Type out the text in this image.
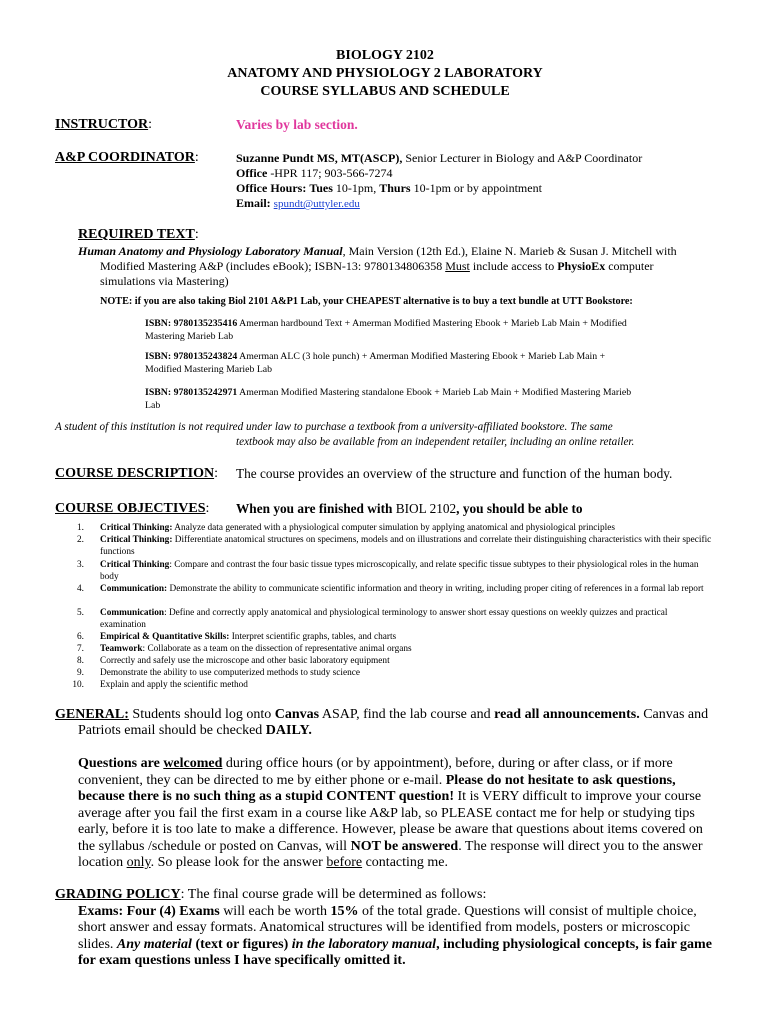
BIOLOGY 2102
ANATOMY AND PHYSIOLOGY 2 LABORATORY
COURSE SYLLABUS AND SCHEDULE
INSTRUCTOR:	Varies by lab section.
A&P COORDINATOR:	Suzanne Pundt MS, MT(ASCP), Senior Lecturer in Biology and A&P Coordinator
Office -HPR 117; 903-566-7274
Office Hours: Tues 10-1pm, Thurs 10-1pm or by appointment
Email: spundt@uttyler.edu
REQUIRED TEXT:
Human Anatomy and Physiology Laboratory Manual, Main Version (12th Ed.), Elaine N. Marieb & Susan J. Mitchell with
Modified Mastering A&P (includes eBook); ISBN-13: 9780134806358 Must include access to PhysioEx computer
simulations via Mastering)
NOTE: if you are also taking Biol 2101 A&P1 Lab, your CHEAPEST alternative is to buy a text bundle at UTT Bookstore:
ISBN: 9780135235416 Amerman hardbound Text + Amerman Modified Mastering Ebook + Marieb Lab Main + Modified
Mastering Marieb Lab
ISBN: 9780135243824 Amerman ALC (3 hole punch) + Amerman Modified Mastering Ebook + Marieb Lab Main +
Modified Mastering Marieb Lab
ISBN: 9780135242971 Amerman Modified Mastering standalone Ebook + Marieb Lab Main + Modified Mastering Marieb
Lab
A student of this institution is not required under law to purchase a textbook from a university-affiliated bookstore. The same
textbook may also be available from an independent retailer, including an online retailer.
COURSE DESCRIPTION: The course provides an overview of the structure and function of the human body.
COURSE OBJECTIVES: When you are finished with BIOL 2102, you should be able to
1. Critical Thinking: Analyze data generated with a physiological computer simulation by applying anatomical and physiological principles
2. Critical Thinking: Differentiate anatomical structures on specimens, models and on illustrations and correlate their distinguishing characteristics with their specific functions
3. Critical Thinking: Compare and contrast the four basic tissue types microscopically, and relate specific tissue subtypes to their physiological roles in the human body
4. Communication: Demonstrate the ability to communicate scientific information and theory in writing, including proper citing of references in a formal lab report
5. Communication: Define and correctly apply anatomical and physiological terminology to answer short essay questions on weekly quizzes and practical examination
6. Empirical & Quantitative Skills: Interpret scientific graphs, tables, and charts
7. Teamwork: Collaborate as a team on the dissection of representative animal organs
8. Correctly and safely use the microscope and other basic laboratory equipment
9. Demonstrate the ability to use computerized methods to study science
10. Explain and apply the scientific method
GENERAL: Students should log onto Canvas ASAP, find the lab course and read all announcements. Canvas and
Patriots email should be checked DAILY.
Questions are welcomed during office hours (or by appointment), before, during or after class, or if more
convenient, they can be directed to me by either phone or e-mail. Please do not hesitate to ask questions,
because there is no such thing as a stupid CONTENT question! It is VERY difficult to improve your course
average after you fail the first exam in a course like A&P lab, so PLEASE contact me for help or studying tips
early, before it is too late to make a difference. However, please be aware that questions about items covered on
the syllabus /schedule or posted on Canvas, will NOT be answered. The response will direct you to the answer
location only. So please look for the answer before contacting me.
GRADING POLICY: The final course grade will be determined as follows:
Exams: Four (4) Exams will each be worth 15% of the total grade. Questions will consist of multiple choice,
short answer and essay formats. Anatomical structures will be identified from models, posters or microscopic
slides. Any material (text or figures) in the laboratory manual, including physiological concepts, is fair game
for exam questions unless I have specifically omitted it.
